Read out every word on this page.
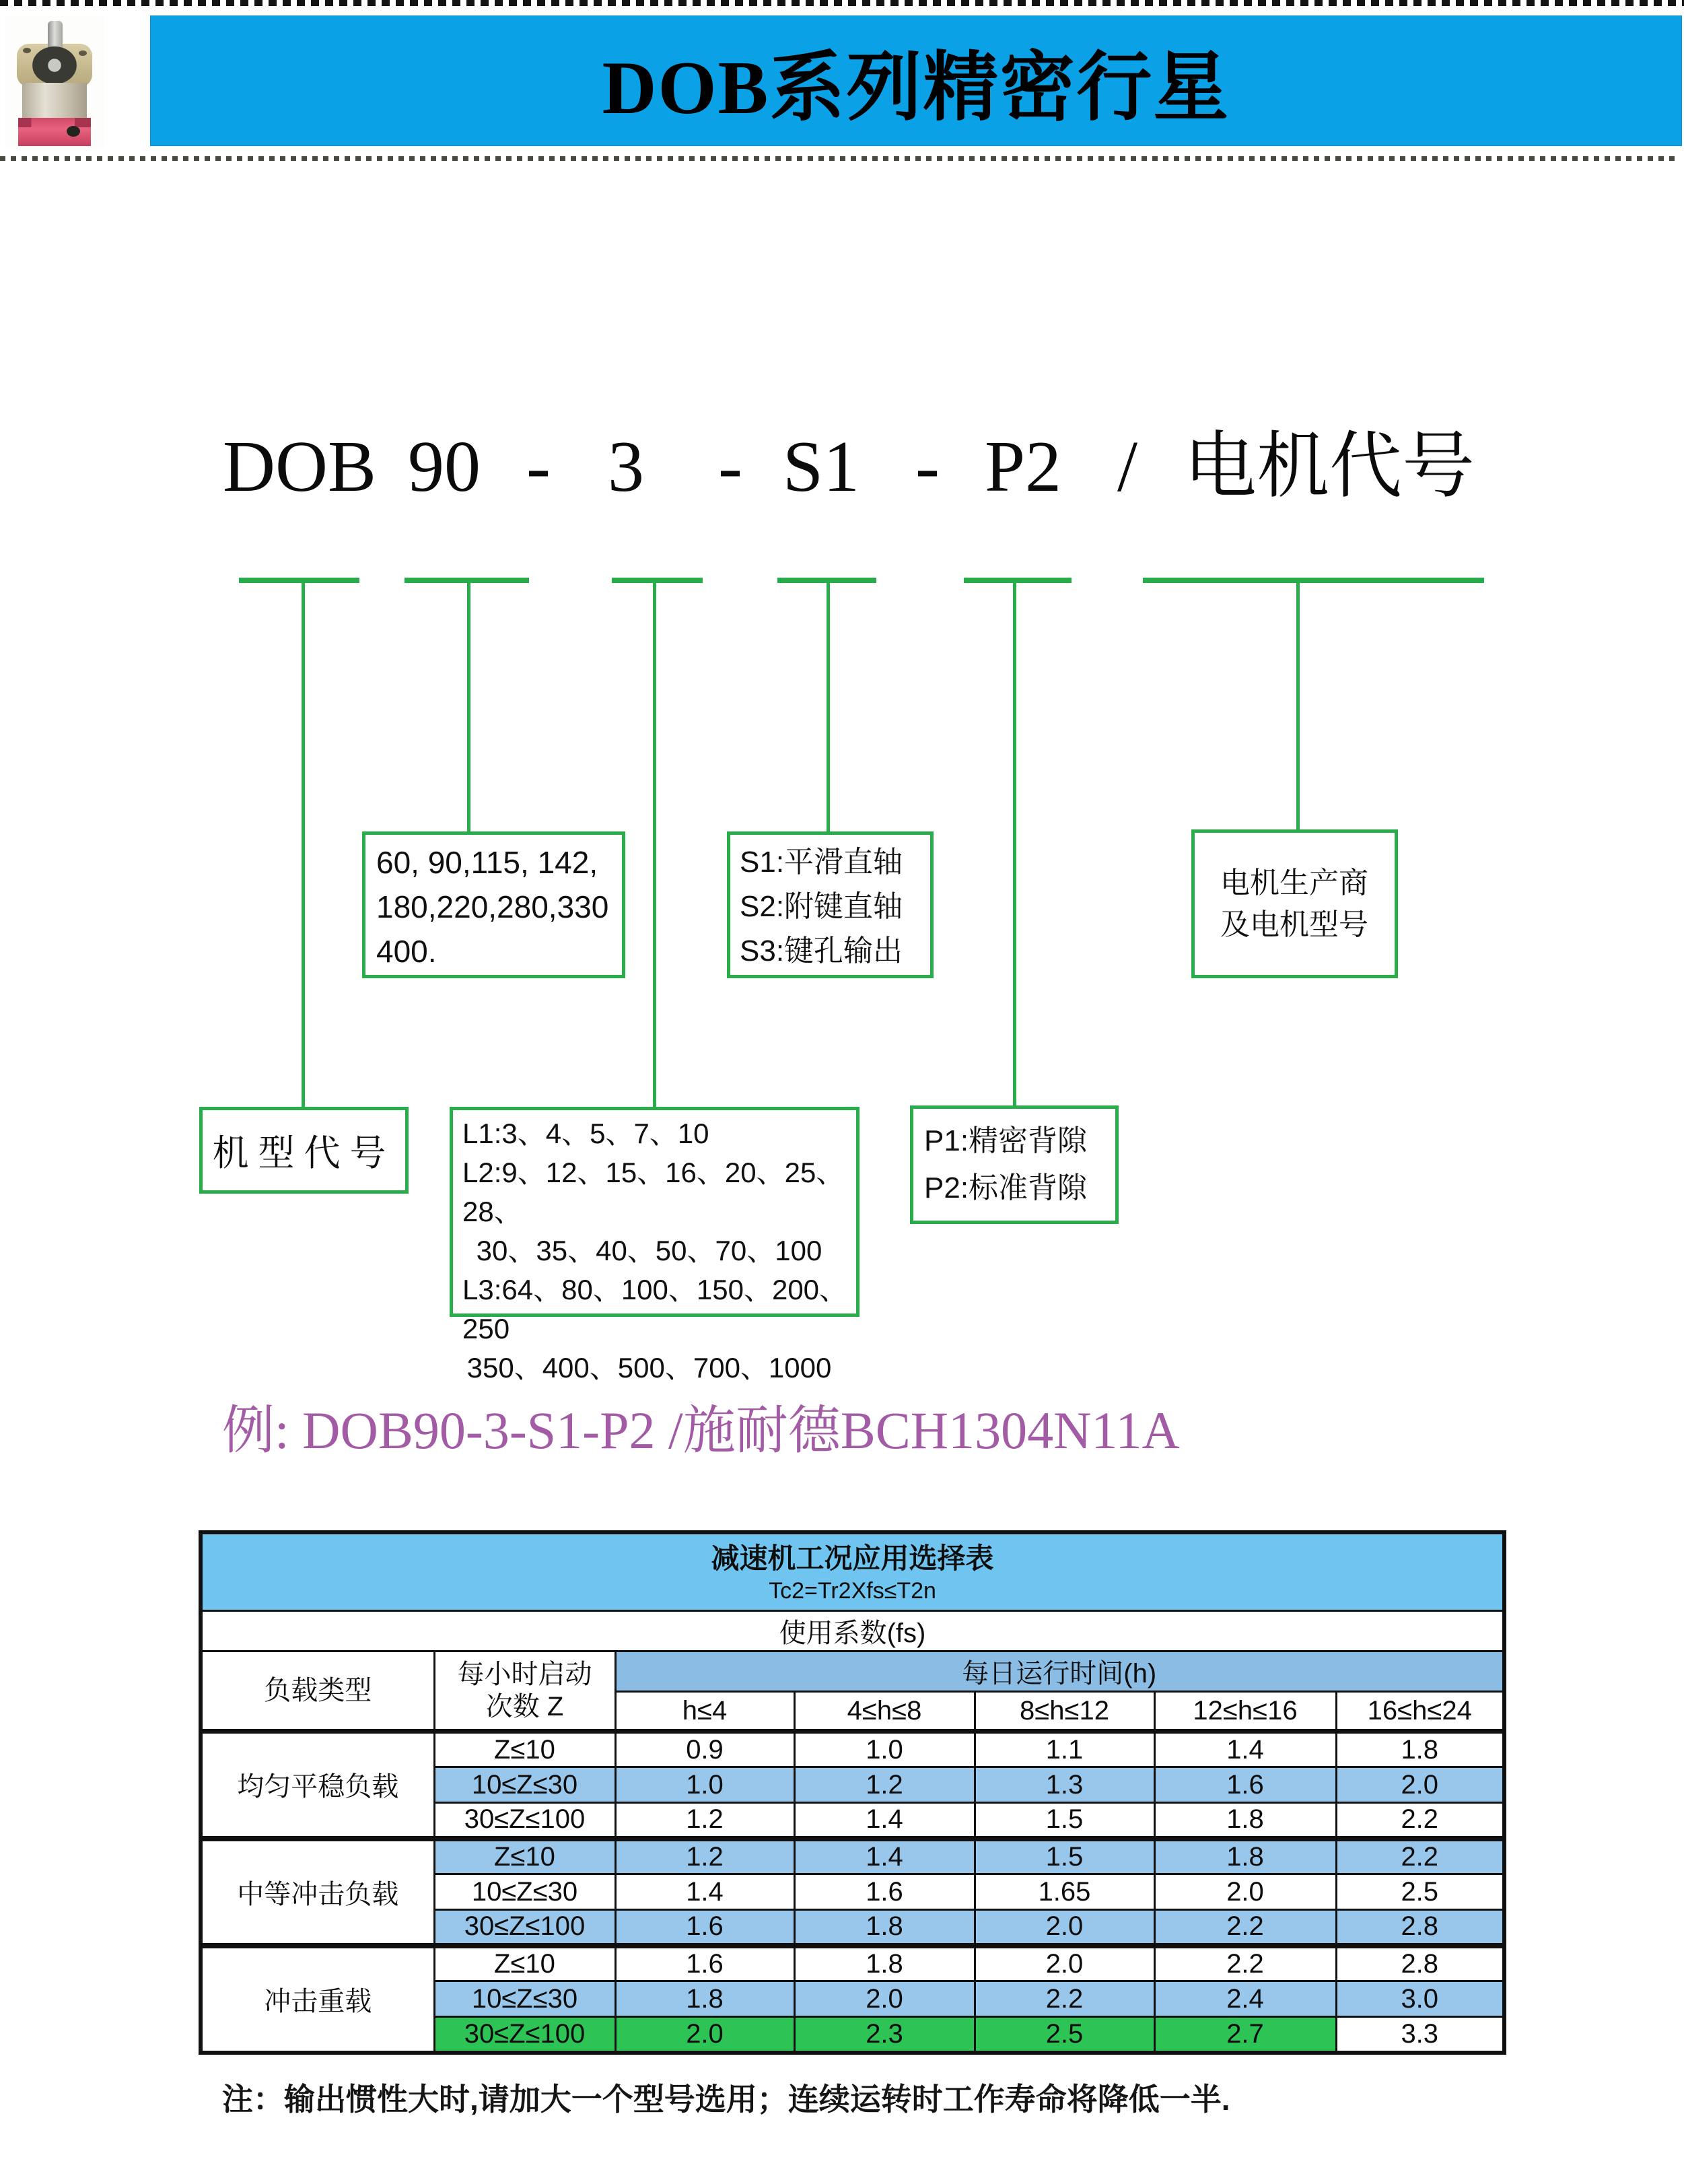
DOB系列精密行星
DOB 90 - 3 - S1 - P2 / 电机代号
机型代号
60, 90,115, 142,
180,220,280,330
400.
L1:3、4、5、7、10
L2:9、12、15、16、20、25、28、
30、35、40、50、70、100
L3:64、80、100、150、200、250
350、400、500、700、1000
S1:平滑直轴
S2:附键直轴
S3:键孔输出
P1:精密背隙
P2:标准背隙
电机生产商
及电机型号
例: DOB90-3-S1-P2 /施耐德BCH1304N11A
减速机工况应用选择表
Tc2=Tr2Xfs≤T2n						

使用系数(fs)						
负载类型	每小时启动
次数 Z	每日运行时间(h)				
		h≤4	4≤h≤8	8≤h≤12	12≤h≤16	16≤h≤24
均匀平稳负载	Z≤10	0.9	1.0	1.1	1.4	1.8
	10≤Z≤30	1.0	1.2	1.3	1.6	2.0
	30≤Z≤100	1.2	1.4	1.5	1.8	2.2
中等冲击负载	Z≤10	1.2	1.4	1.5	1.8	2.2
	10≤Z≤30	1.4	1.6	1.65	2.0	2.5
	30≤Z≤100	1.6	1.8	2.0	2.2	2.8
冲击重载	Z≤10	1.6	1.8	2.0	2.2	2.8
	10≤Z≤30	1.8	2.0	2.2	2.4	3.0
	30≤Z≤100	2.0	2.3	2.5	2.7	3.3
注：输出惯性大时,请加大一个型号选用；连续运转时工作寿命将降低一半.
